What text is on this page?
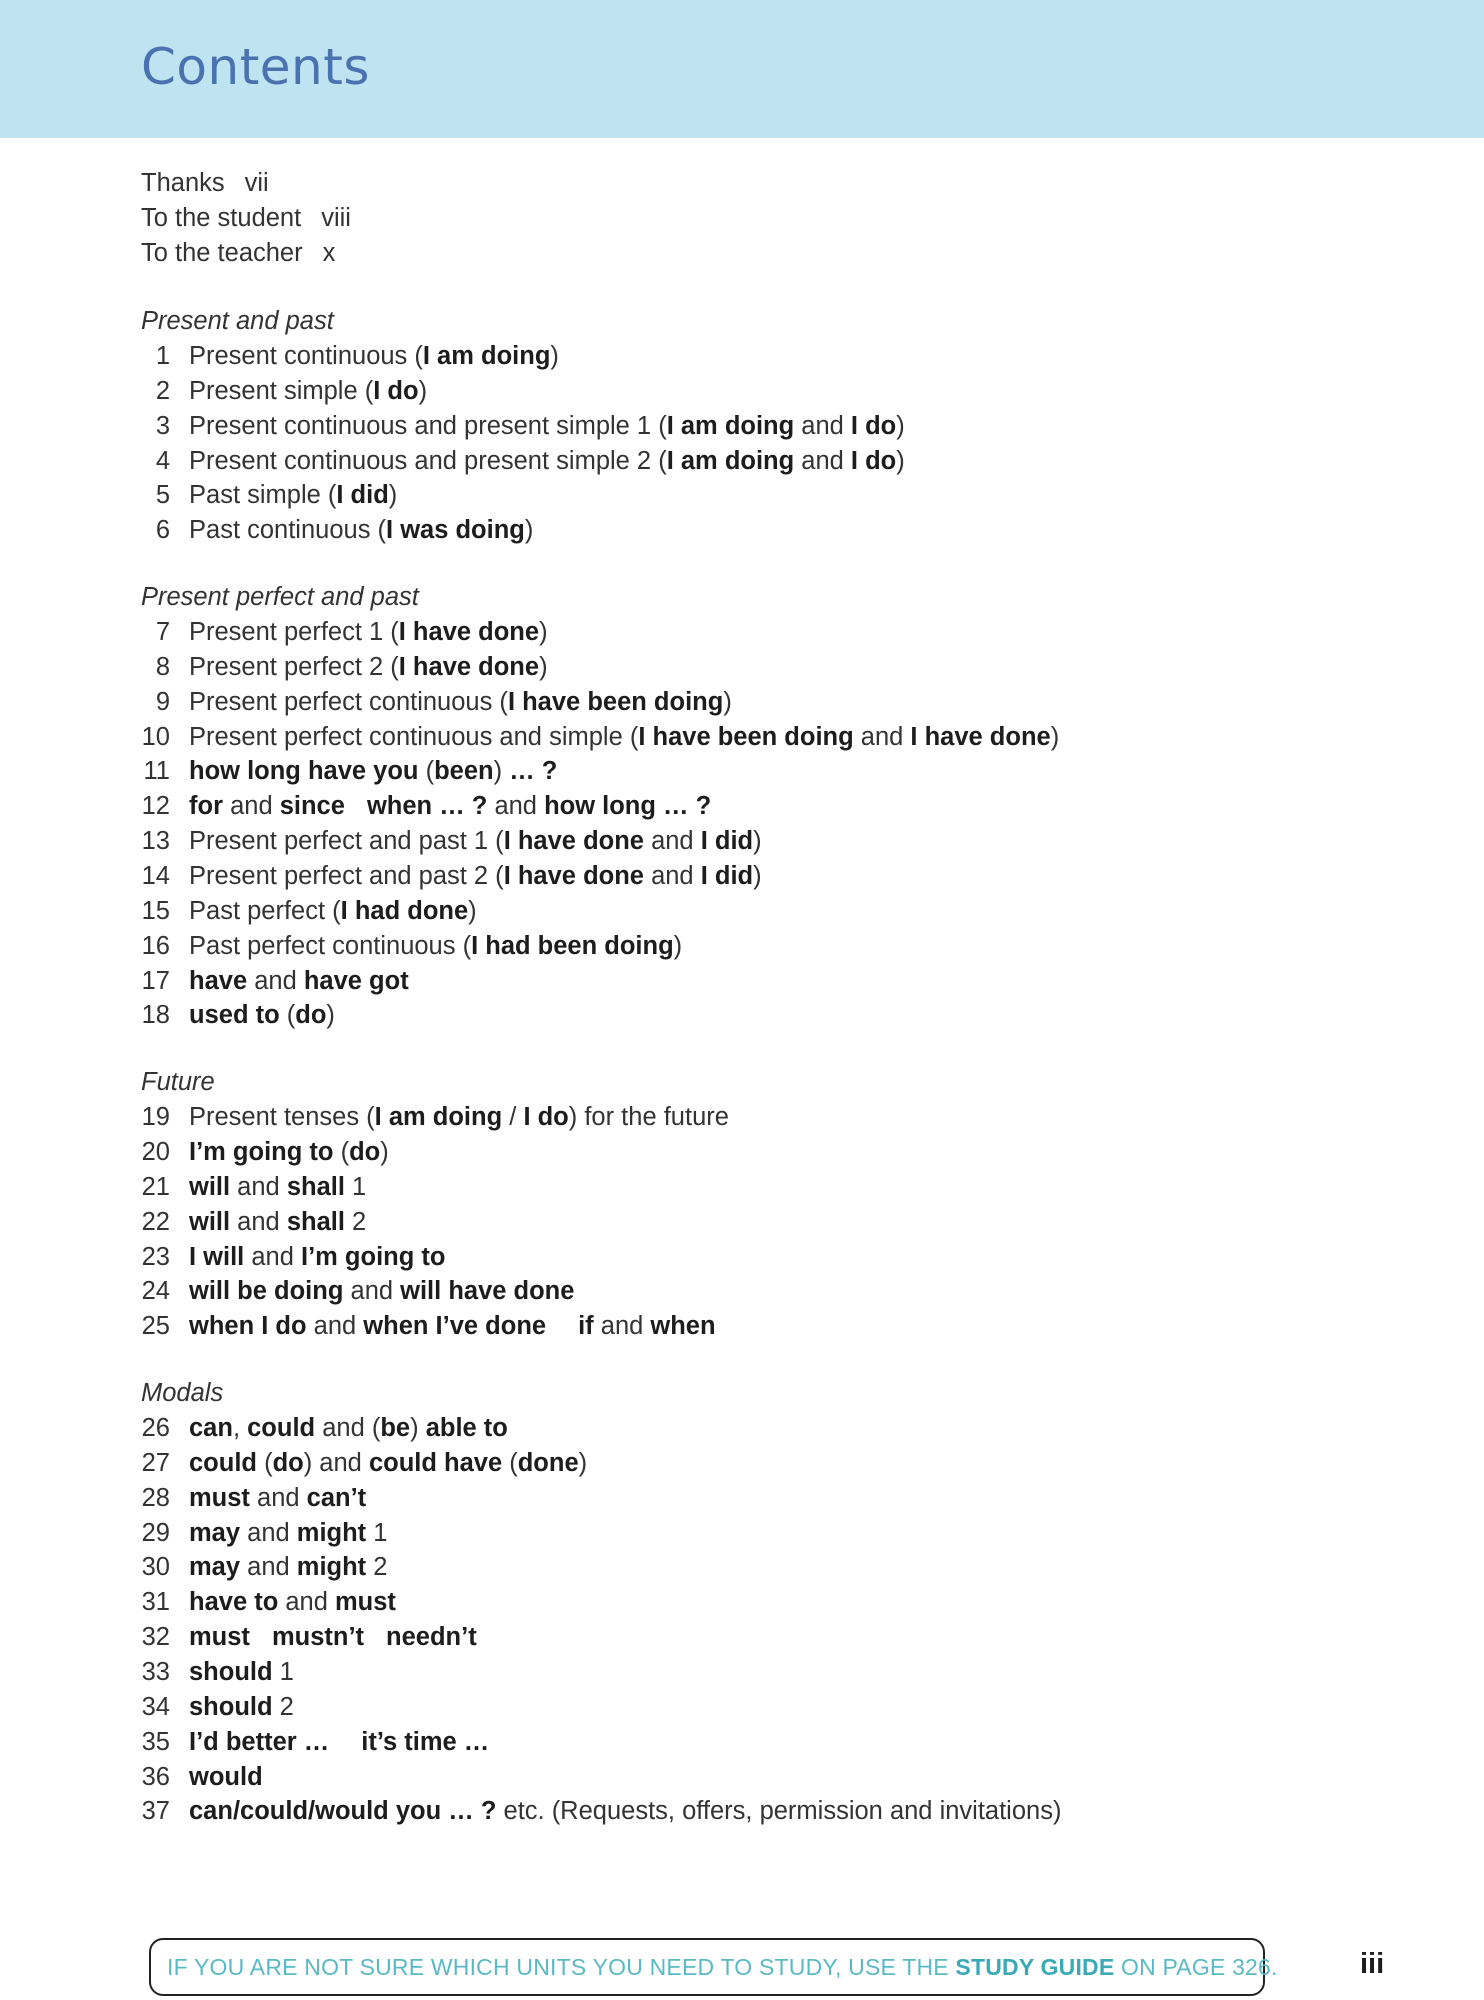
Contents
Thanks vii
To the student viii
To the teacher x
Present and past
1 Present continuous (I am doing)
2 Present simple (I do)
3 Present continuous and present simple 1 (I am doing and I do)
4 Present continuous and present simple 2 (I am doing and I do)
5 Past simple (I did)
6 Past continuous (I was doing)
Present perfect and past
7 Present perfect 1 (I have done)
8 Present perfect 2 (I have done)
9 Present perfect continuous (I have been doing)
10 Present perfect continuous and simple (I have been doing and I have done)
11 how long have you (been) … ?
12 for and since when … ? and how long … ?
13 Present perfect and past 1 (I have done and I did)
14 Present perfect and past 2 (I have done and I did)
15 Past perfect (I had done)
16 Past perfect continuous (I had been doing)
17 have and have got
18 used to (do)
Future
19 Present tenses (I am doing / I do) for the future
20 I’m going to (do)
21 will and shall 1
22 will and shall 2
23 I will and I’m going to
24 will be doing and will have done
25 when I do and when I’ve done if and when
Modals
26 can, could and (be) able to
27 could (do) and could have (done)
28 must and can’t
29 may and might 1
30 may and might 2
31 have to and must
32 must mustn’t needn’t
33 should 1
34 should 2
35 I’d better … it’s time …
36 would
37 can/could/would you … ? etc. (Requests, offers, permission and invitations)
IF YOU ARE NOT SURE WHICH UNITS YOU NEED TO STUDY, USE THE STUDY GUIDE ON PAGE 326.	iii
